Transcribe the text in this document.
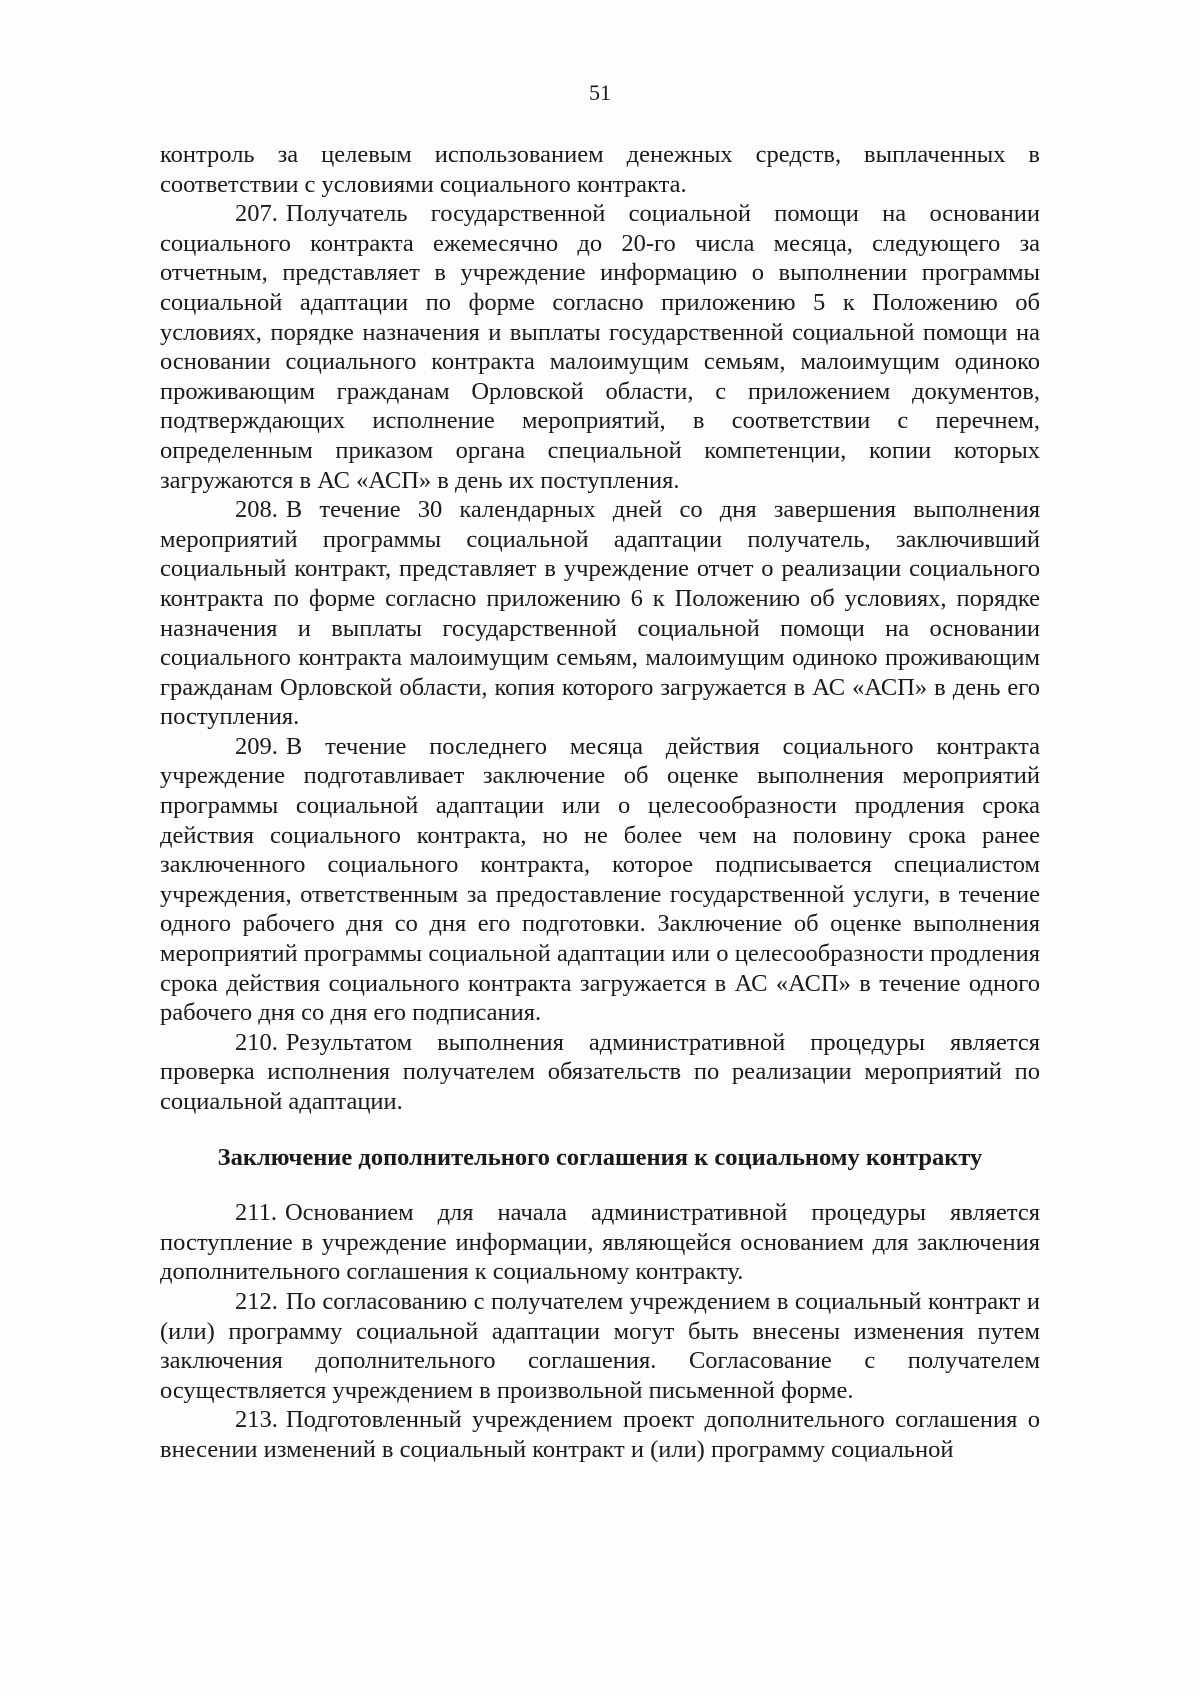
51

контроль за целевым использованием денежных средств, выплаченных в соответствии с условиями социального контракта.

207. Получатель государственной социальной помощи на основании социального контракта ежемесячно до 20-го числа месяца, следующего за отчетным, представляет в учреждение информацию о выполнении программы социальной адаптации по форме согласно приложению 5 к Положению об условиях, порядке назначения и выплаты государственной социальной помощи на основании социального контракта малоимущим семьям, малоимущим одиноко проживающим гражданам Орловской области, с приложением документов, подтверждающих исполнение мероприятий, в соответствии с перечнем, определенным приказом органа специальной компетенции, копии которых загружаются в АС «АСП» в день их поступления.

208. В течение 30 календарных дней со дня завершения выполнения мероприятий программы социальной адаптации получатель, заключивший социальный контракт, представляет в учреждение отчет о реализации социального контракта по форме согласно приложению 6 к Положению об условиях, порядке назначения и выплаты государственной социальной помощи на основании социального контракта малоимущим семьям, малоимущим одиноко проживающим гражданам Орловской области, копия которого загружается в АС «АСП» в день его поступления.

209. В течение последнего месяца действия социального контракта учреждение подготавливает заключение об оценке выполнения мероприятий программы социальной адаптации или о целесообразности продления срока действия социального контракта, но не более чем на половину срока ранее заключенного социального контракта, которое подписывается специалистом учреждения, ответственным за предоставление государственной услуги, в течение одного рабочего дня со дня его подготовки. Заключение об оценке выполнения мероприятий программы социальной адаптации или о целесообразности продления срока действия социального контракта загружается в АС «АСП» в течение одного рабочего дня со дня его подписания.

210. Результатом выполнения административной процедуры является проверка исполнения получателем обязательств по реализации мероприятий по социальной адаптации.

Заключение дополнительного соглашения к социальному контракту

211. Основанием для начала административной процедуры является поступление в учреждение информации, являющейся основанием для заключения дополнительного соглашения к социальному контракту.

212. По согласованию с получателем учреждением в социальный контракт и (или) программу социальной адаптации могут быть внесены изменения путем заключения дополнительного соглашения. Согласование с получателем осуществляется учреждением в произвольной письменной форме.

213. Подготовленный учреждением проект дополнительного соглашения о внесении изменений в социальный контракт и (или) программу социальной
